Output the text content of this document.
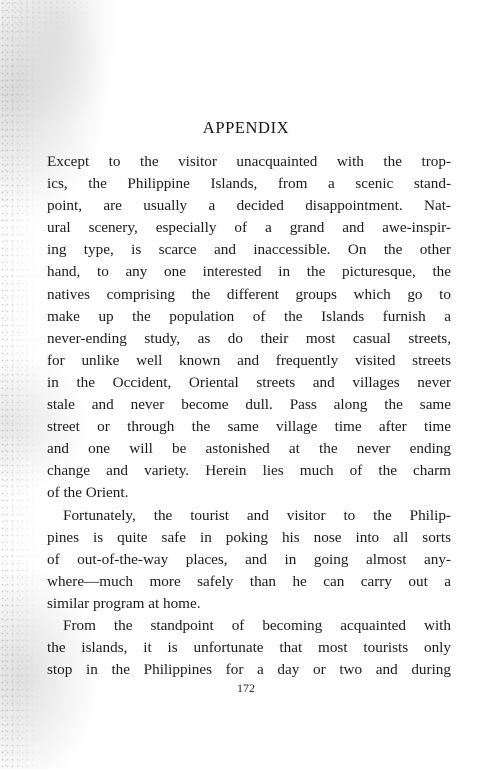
APPENDIX
Except to the visitor unacquainted with the trop-
ics, the Philippine Islands, from a scenic stand-
point, are usually a decided disappointment. Nat-
ural scenery, especially of a grand and awe-inspir-
ing type, is scarce and inaccessible. On the other
hand, to any one interested in the picturesque, the
natives comprising the different groups which go to
make up the population of the Islands furnish a
never-ending study, as do their most casual streets,
for unlike well known and frequently visited streets
in the Occident, Oriental streets and villages never
stale and never become dull. Pass along the same
street or through the same village time after time
and one will be astonished at the never ending
change and variety. Herein lies much of the charm
of the Orient.
Fortunately, the tourist and visitor to the Philip-
pines is quite safe in poking his nose into all sorts
of out-of-the-way places, and in going almost any-
where—much more safely than he can carry out a
similar program at home.
From the standpoint of becoming acquainted with
the islands, it is unfortunate that most tourists only
stop in the Philippines for a day or two and during
172
